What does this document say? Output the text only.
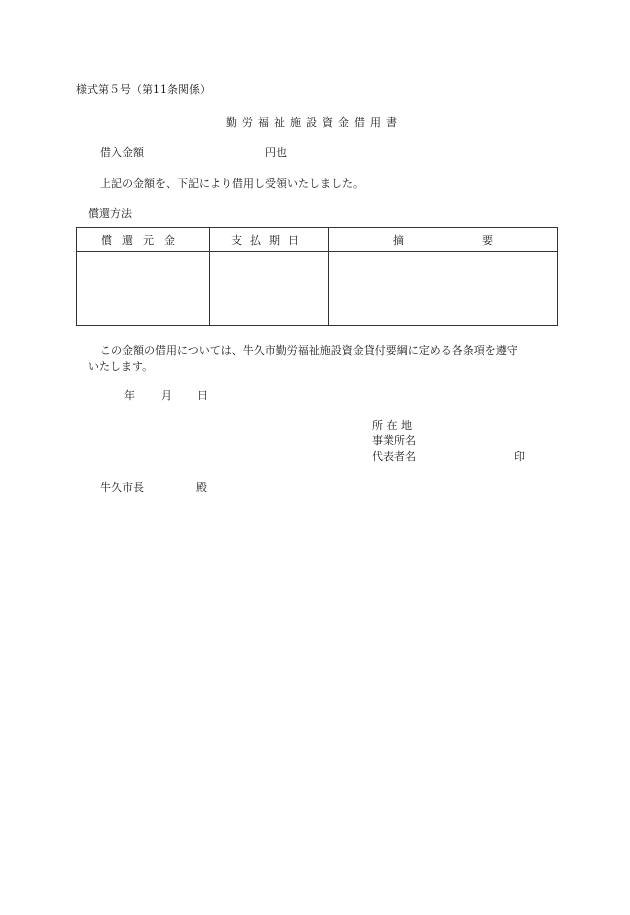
様式第５号（第11条関係）
勤労福祉施設資金借用書
借入金額	円也
上記の金額を、下記により借用し受領いたしました。
償還方法
償還元金	支払期日	摘 要

この金額の借用については、牛久市勤労福祉施設資金貸付要綱に定める各条項を遵守
いたします。
年 月 日
所 在 地
事業所名
代表者名	印
牛久市長	殿
